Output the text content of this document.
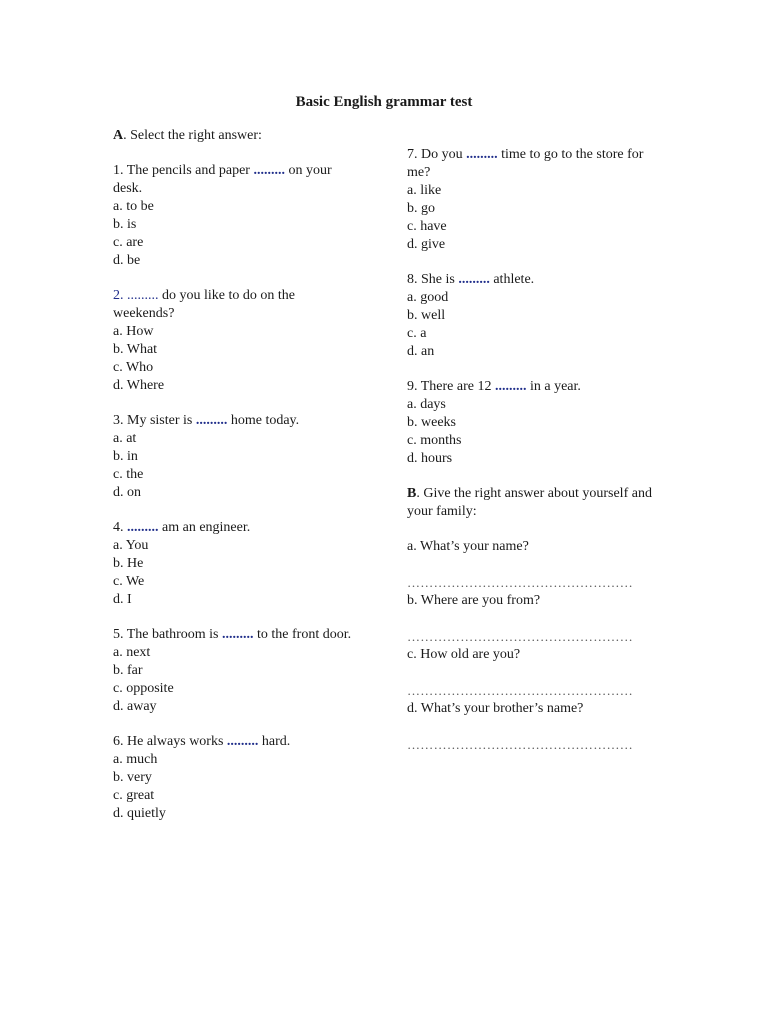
Basic English grammar test
A. Select the right answer:
1. The pencils and paper ......... on your desk.
a. to be
b. is
c. are
d. be
2. ......... do you like to do on the weekends?
a. How
b. What
c. Who
d. Where
3. My sister is ......... home today.
a. at
b. in
c. the
d. on
4. ......... am an engineer.
a. You
b. He
c. We
d. I
5. The bathroom is ......... to the front door.
a. next
b. far
c. opposite
d. away
6. He always works ......... hard.
a. much
b. very
c. great
d. quietly
7. Do you ......... time to go to the store for me?
a. like
b. go
c. have
d. give
8. She is ......... athlete.
a. good
b. well
c. a
d. an
9. There are 12 ......... in a year.
a. days
b. weeks
c. months
d. hours
B. Give the right answer about yourself and your family:
a. What’s your name?
……………………………………………
b. Where are you from?
……………………………………………
c. How old are you?
……………………………………………
d. What’s your brother’s name?
……………………………………………
